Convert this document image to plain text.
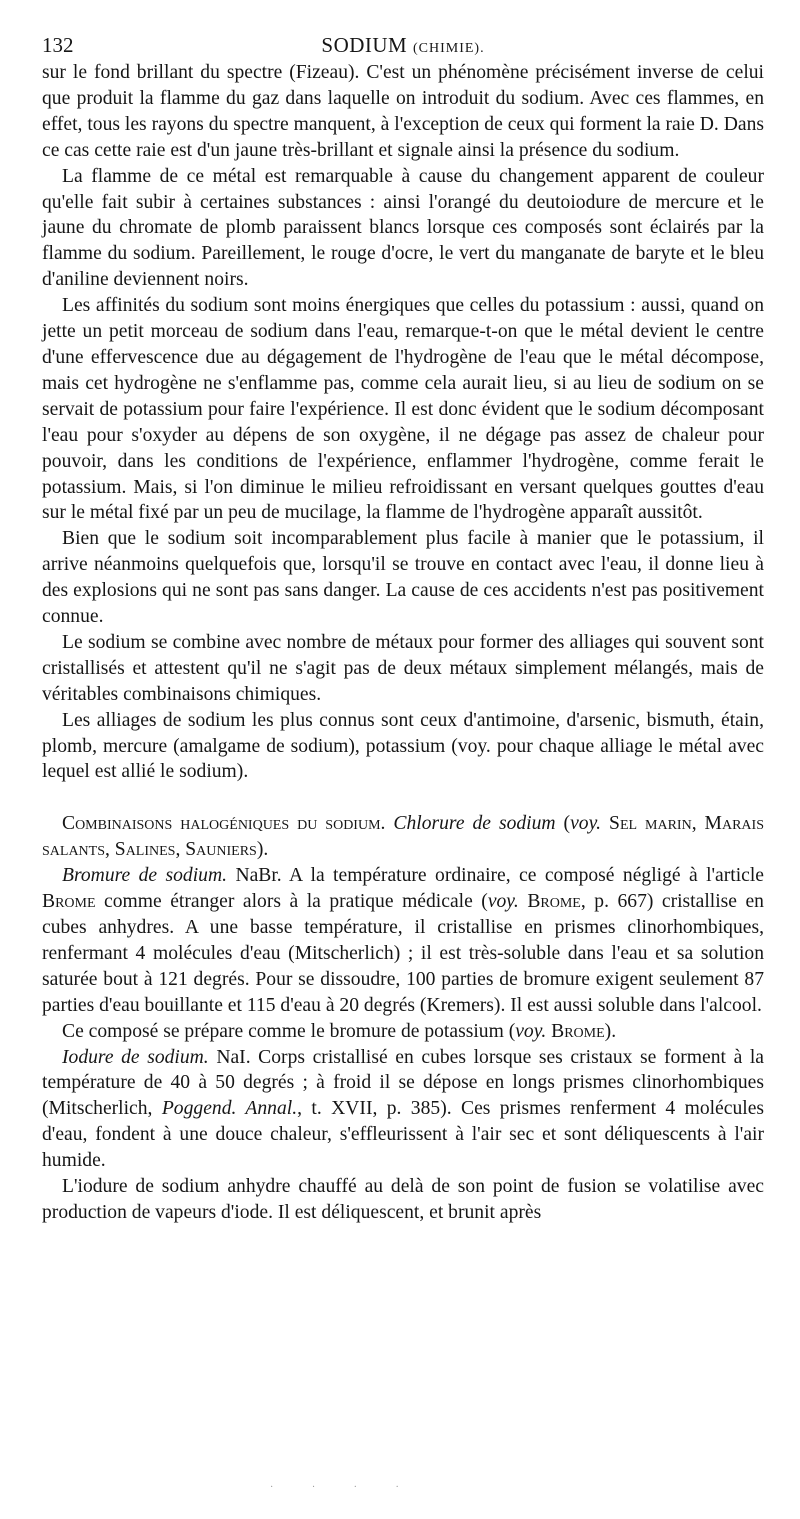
132	SODIUM (CHIMIE).

sur le fond brillant du spectre (Fizeau). C'est un phénomène précisément inverse de celui que produit la flamme du gaz dans laquelle on introduit du sodium. Avec ces flammes, en effet, tous les rayons du spectre manquent, à l'exception de ceux qui forment la raie D. Dans ce cas cette raie est d'un jaune très-brillant et signale ainsi la présence du sodium.

La flamme de ce métal est remarquable à cause du changement apparent de couleur qu'elle fait subir à certaines substances : ainsi l'orangé du deutoiodure de mercure et le jaune du chromate de plomb paraissent blancs lorsque ces composés sont éclairés par la flamme du sodium. Pareillement, le rouge d'ocre, le vert du manganate de baryte et le bleu d'aniline deviennent noirs.

Les affinités du sodium sont moins énergiques que celles du potassium : aussi, quand on jette un petit morceau de sodium dans l'eau, remarque-t-on que le métal devient le centre d'une effervescence due au dégagement de l'hydrogène de l'eau que le métal décompose, mais cet hydrogène ne s'enflamme pas, comme cela aurait lieu, si au lieu de sodium on se servait de potassium pour faire l'expérience. Il est donc évident que le sodium décomposant l'eau pour s'oxyder au dépens de son oxygène, il ne dégage pas assez de chaleur pour pouvoir, dans les conditions de l'expérience, enflammer l'hydrogène, comme ferait le potassium. Mais, si l'on diminue le milieu refroidissant en versant quelques gouttes d'eau sur le métal fixé par un peu de mucilage, la flamme de l'hydrogène apparaît aussitôt.

Bien que le sodium soit incomparablement plus facile à manier que le potassium, il arrive néanmoins quelquefois que, lorsqu'il se trouve en contact avec l'eau, il donne lieu à des explosions qui ne sont pas sans danger. La cause de ces accidents n'est pas positivement connue.

Le sodium se combine avec nombre de métaux pour former des alliages qui souvent sont cristallisés et attestent qu'il ne s'agit pas de deux métaux simplement mélangés, mais de véritables combinaisons chimiques.

Les alliages de sodium les plus connus sont ceux d'antimoine, d'arsenic, bismuth, étain, plomb, mercure (amalgame de sodium), potassium (voy. pour chaque alliage le métal avec lequel est allié le sodium).

Combinaisons halogéniques du sodium. Chlorure de sodium (voy. Sel marin, Marais salants, Salines, Sauniers).

Bromure de sodium. NaBr. A la température ordinaire, ce composé négligé à l'article Brome comme étranger alors à la pratique médicale (voy. Brome, p. 667) cristallise en cubes anhydres. A une basse température, il cristallise en prismes clinorhombiques, renfermant 4 molécules d'eau (Mitscherlich) ; il est très-soluble dans l'eau et sa solution saturée bout à 121 degrés. Pour se dissoudre, 100 parties de bromure exigent seulement 87 parties d'eau bouillante et 115 d'eau à 20 degrés (Kremers). Il est aussi soluble dans l'alcool.

Ce composé se prépare comme le bromure de potassium (voy. Brome).

Iodure de sodium. NaI. Corps cristallisé en cubes lorsque ses cristaux se forment à la température de 40 à 50 degrés ; à froid il se dépose en longs prismes clinorhombiques (Mitscherlich, Poggend. Annal., t. XVII, p. 385). Ces prismes renferment 4 molécules d'eau, fondent à une douce chaleur, s'effleurissent à l'air sec et sont déliquescents à l'air humide.

L'iodure de sodium anhydre chauffé au delà de son point de fusion se volatilise avec production de vapeurs d'iode. Il est déliquescent, et brunit après

· · · ·
